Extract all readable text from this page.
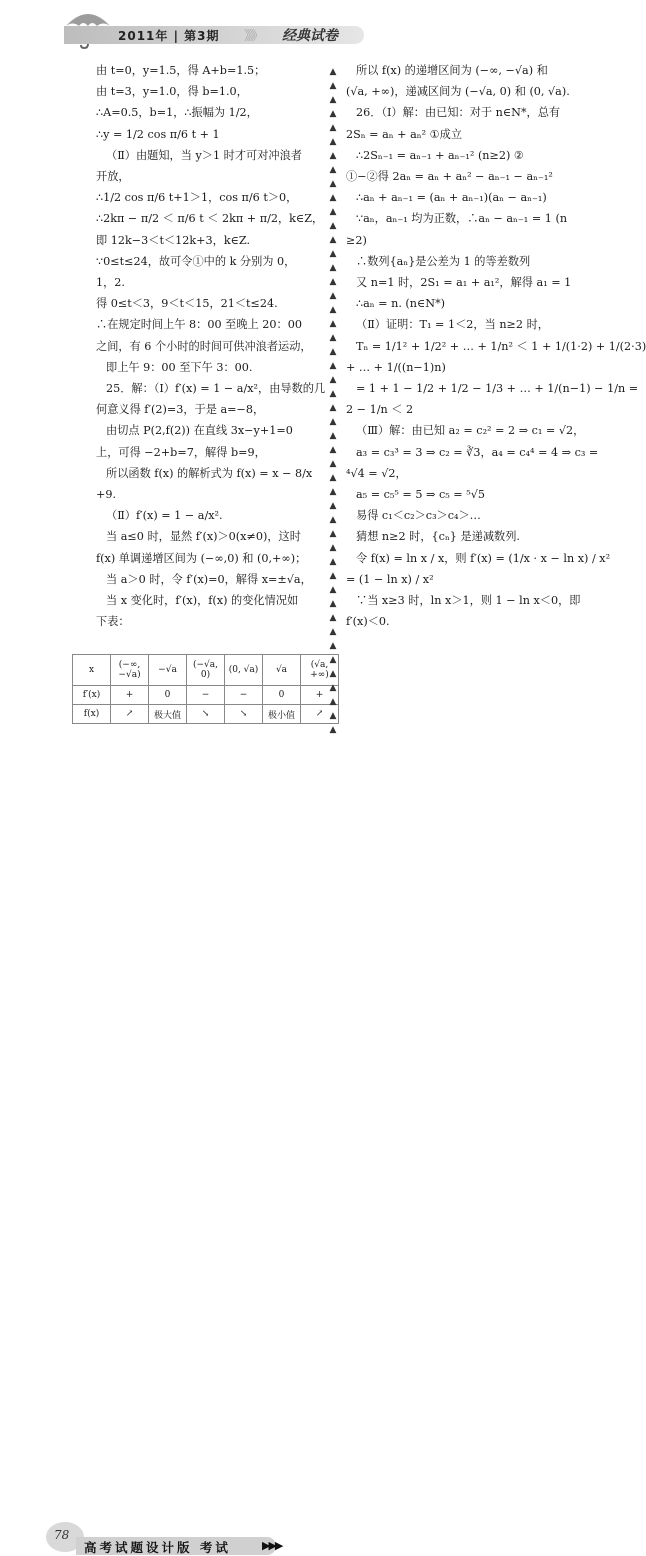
2011年 | 第3期 》》》 经典试卷

由 t=0，y=1.5，得 A+b=1.5；

由 t=3，y=1.0，得 b=1.0，

∴A=0.5，b=1，∴振幅为 1/2，

∴y = 1/2 cos π/6 t + 1

（Ⅱ）由题知，当 y＞1 时才可对冲浪者

开放，

∴1/2 cos π/6 t+1＞1，cos π/6 t＞0，

∴2kπ − π/2 ＜ π/6 t ＜ 2kπ + π/2，k∈Z，

即 12k−3＜t＜12k+3，k∈Z.

∵0≤t≤24，故可令①中的 k 分别为 0，

1，2.

得 0≤t＜3，9＜t＜15，21＜t≤24.

∴在规定时间上午 8：00 至晚上 20：00

之间，有 6 个小时的时间可供冲浪者运动，

即上午 9：00 至下午 3：00.

25．解：（Ⅰ）f′(x) = 1 − a/x²，由导数的几

何意义得 f′(2)=3，于是 a=−8，

由切点 P(2,f(2)) 在直线 3x−y+1=0

上，可得 −2+b=7，解得 b=9，

所以函数 f(x) 的解析式为 f(x) = x − 8/x

+9.

（Ⅱ）f′(x) = 1 − a/x².

当 a≤0 时，显然 f′(x)＞0(x≠0)，这时

f(x) 单调递增区间为 (−∞,0) 和 (0,+∞)；

当 a＞0 时，令 f′(x)=0，解得 x=±√a，

当 x 变化时，f′(x)，f(x) 的变化情况如

下表：

x	(−∞, −√a)	−√a	(−√a, 0)	(0, √a)	√a	(√a, +∞)
f′(x)	+	0	−	−	0	+
f(x)	↗	极大值	↘	↘	极小值	↗
▲
▲
▲
▲
▲
▲
▲
▲
▲
▲
▲
▲
▲
▲
▲
▲
▲
▲
▲
▲
▲
▲
▲
▲
▲
▲
▲
▲
▲
▲
▲
▲
▲
▲
▲
▲
▲
▲
▲
▲
▲
▲
▲
▲
▲
▲
▲
▲

所以 f(x) 的递增区间为 (−∞, −√a) 和

(√a, +∞)，递减区间为 (−√a, 0) 和 (0, √a).

26．（Ⅰ）解：由已知：对于 n∈N*，总有

2Sₙ = aₙ + aₙ² ①成立

∴2Sₙ₋₁ = aₙ₋₁ + aₙ₋₁² (n≥2) ②

①−②得 2aₙ = aₙ + aₙ² − aₙ₋₁ − aₙ₋₁²

∴aₙ + aₙ₋₁ = (aₙ + aₙ₋₁)(aₙ − aₙ₋₁)

∵aₙ，aₙ₋₁ 均为正数，∴aₙ − aₙ₋₁ = 1 (n

≥2)

∴数列{aₙ}是公差为 1 的等差数列

又 n=1 时，2S₁ = a₁ + a₁²，解得 a₁ = 1

∴aₙ = n. (n∈N*)

（Ⅱ）证明：T₁ = 1＜2，当 n≥2 时，

Tₙ = 1/1² + 1/2² + … + 1/n² ＜ 1 + 1/(1·2) + 1/(2·3)

+ … + 1/((n−1)n)

= 1 + 1 − 1/2 + 1/2 − 1/3 + … + 1/(n−1) − 1/n =

2 − 1/n ＜ 2

（Ⅲ）解：由已知 a₂ = c₂² = 2 ⇒ c₁ = √2，

a₃ = c₃³ = 3 ⇒ c₂ = ∛3，a₄ = c₄⁴ = 4 ⇒ c₃ =

⁴√4 = √2，

a₅ = c₅⁵ = 5 ⇒ c₅ = ⁵√5

易得 c₁＜c₂＞c₃＞c₄＞…

猜想 n≥2 时，{cₙ} 是递减数列.

令 f(x) = ln x / x，则 f′(x) = (1/x · x − ln x) / x²

= (1 − ln x) / x²

∵当 x≥3 时，ln x＞1，则 1 − ln x＜0，即

f′(x)＜0.

78
高考试题设计版 考试	▶▶▶
